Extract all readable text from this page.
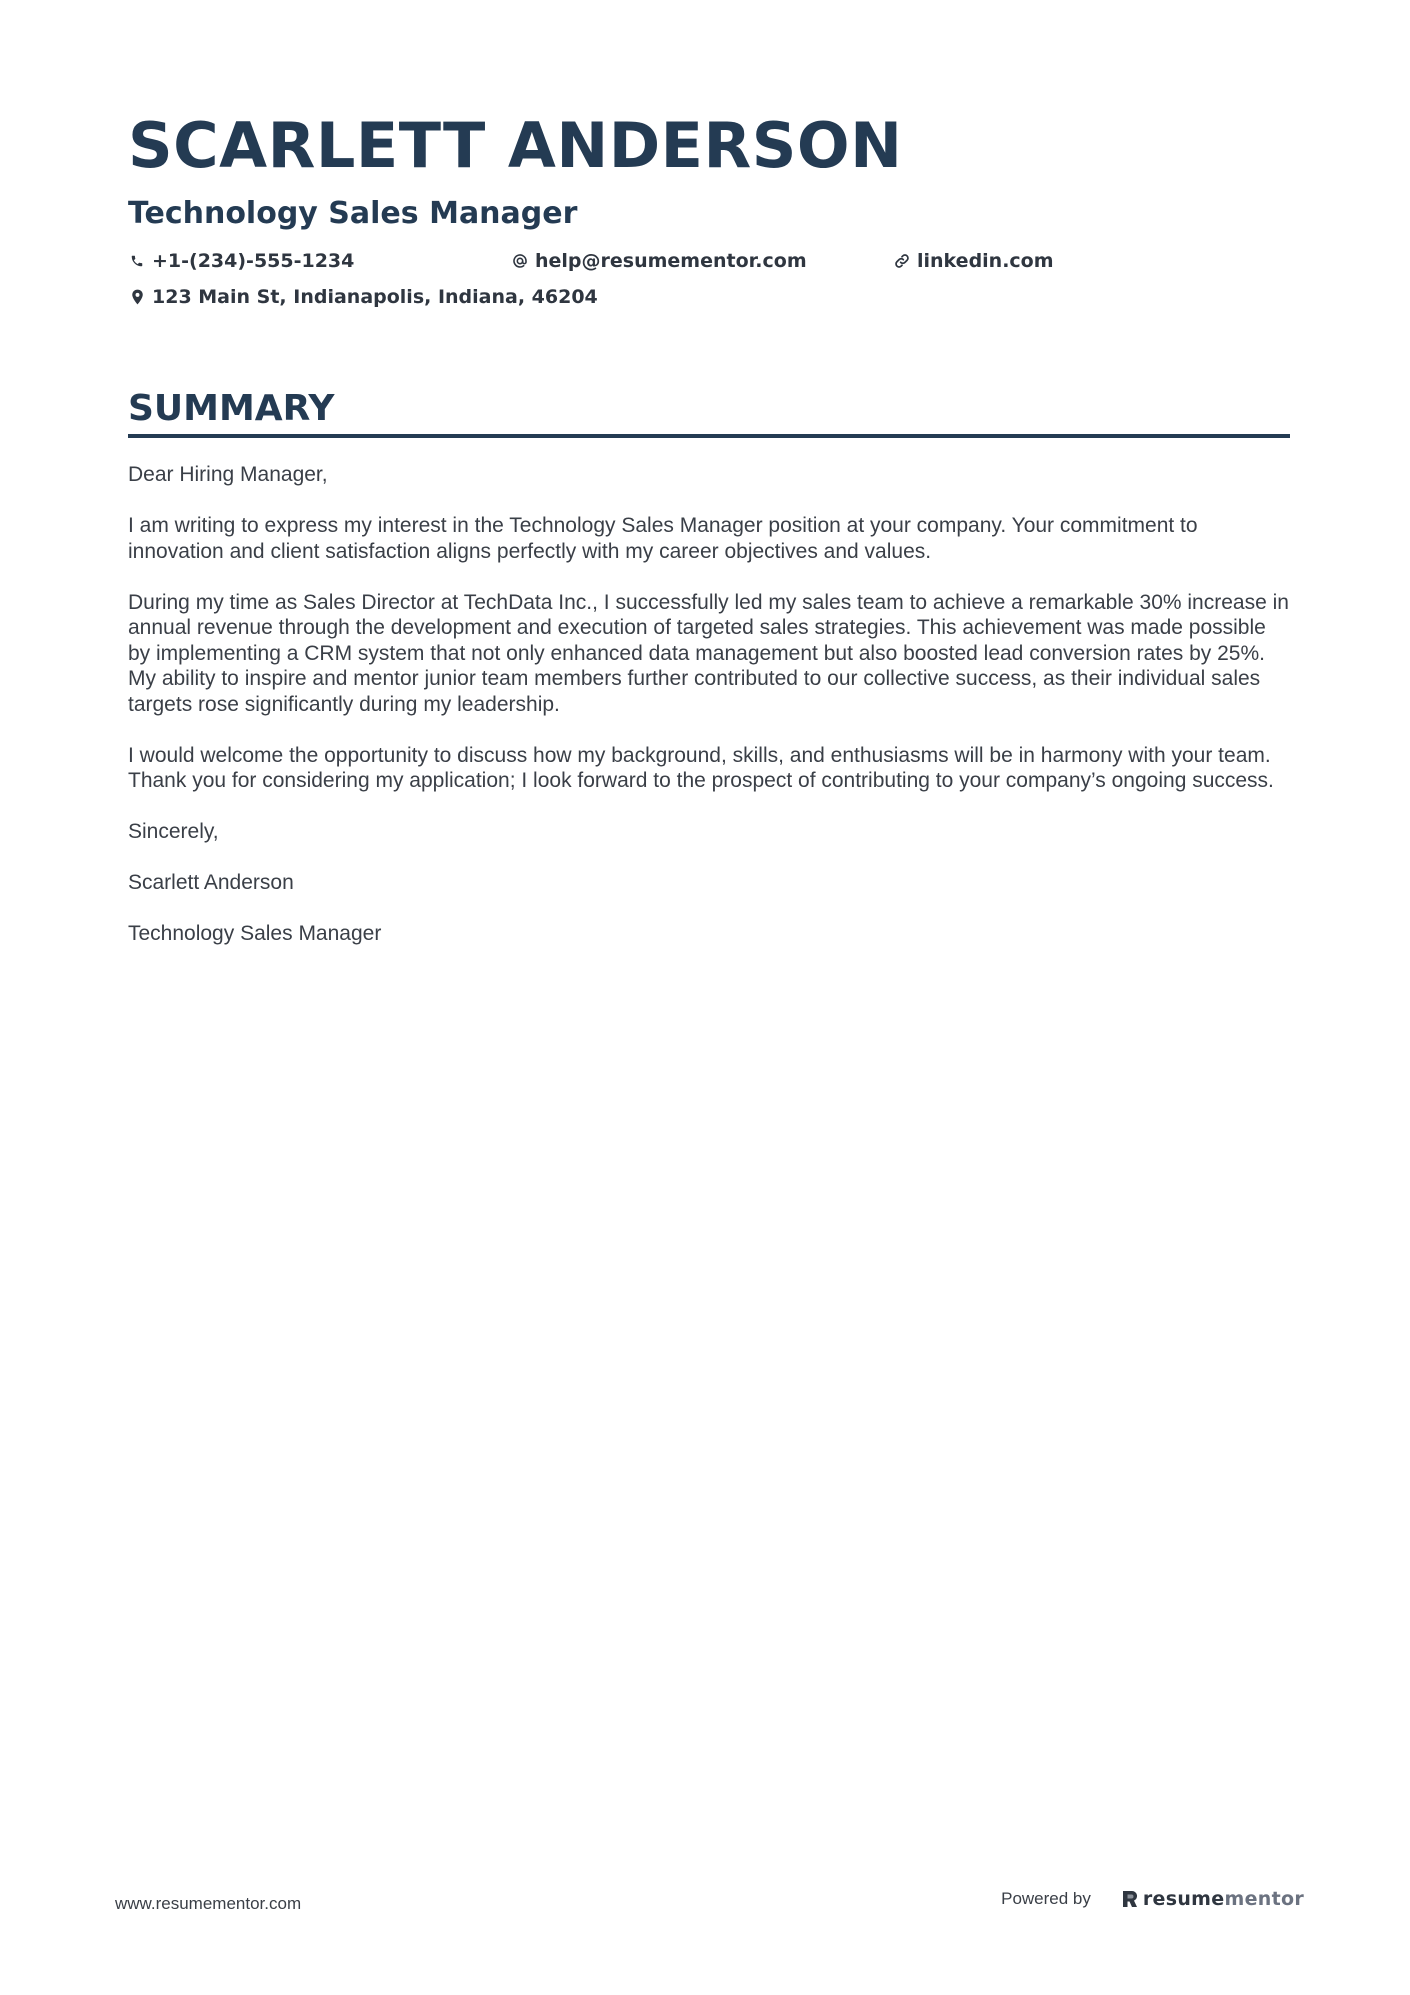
SCARLETT ANDERSON
Technology Sales Manager
+1-(234)-555-1234	help@resumementor.com	linkedin.com
123 Main St, Indianapolis, Indiana, 46204
SUMMARY

Dear Hiring Manager,

I am writing to express my interest in the Technology Sales Manager position at your company. Your commitment to innovation and client satisfaction aligns perfectly with my career objectives and values.

During my time as Sales Director at TechData Inc., I successfully led my sales team to achieve a remarkable 30% increase in annual revenue through the development and execution of targeted sales strategies. This achievement was made possible by implementing a CRM system that not only enhanced data management but also boosted lead conversion rates by 25%. My ability to inspire and mentor junior team members further contributed to our collective success, as their individual sales targets rose significantly during my leadership.

I would welcome the opportunity to discuss how my background, skills, and enthusiasms will be in harmony with your team. Thank you for considering my application; I look forward to the prospect of contributing to your company’s ongoing success.

Sincerely,

Scarlett Anderson

Technology Sales Manager

www.resumementor.com	Powered by	resumementor
